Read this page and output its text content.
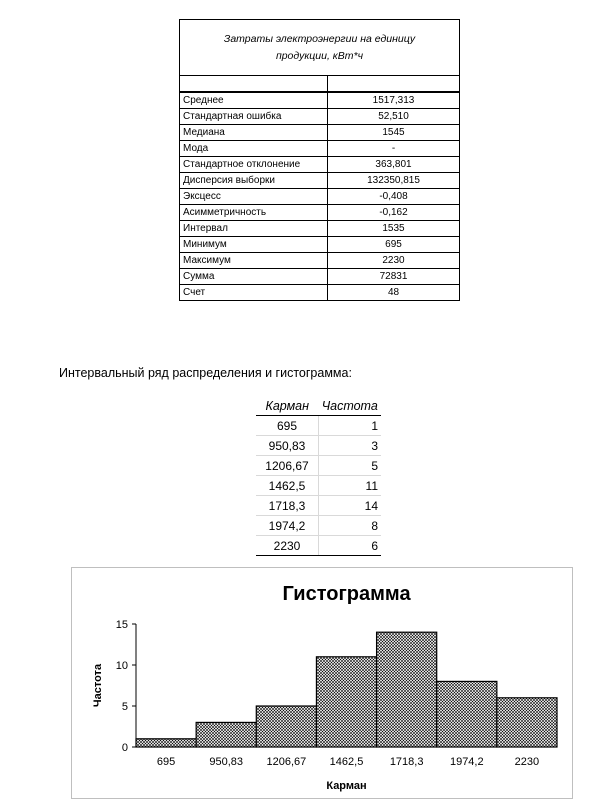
Затраты электроэнергии на единицу продукции, кВт*ч
Среднее	1517,313
Стандартная ошибка	52,510
Медиана	1545
Мода	-
Стандартное отклонение	363,801
Дисперсия выборки	132350,815
Эксцесс	-0,408
Асимметричность	-0,162
Интервал	1535
Минимум	695
Максимум	2230
Сумма	72831
Счет	48
Интервальный ряд распределения и гистограмма:
Карман	Частота
695	1
950,83	3
1206,67	5
1462,5	11
1718,3	14
1974,2	8
2230	6
Гистограмма
0
5
10
15
695	950,83 1206,67 1462,5 1718,3 1974,2	2230
Карман
Частота
